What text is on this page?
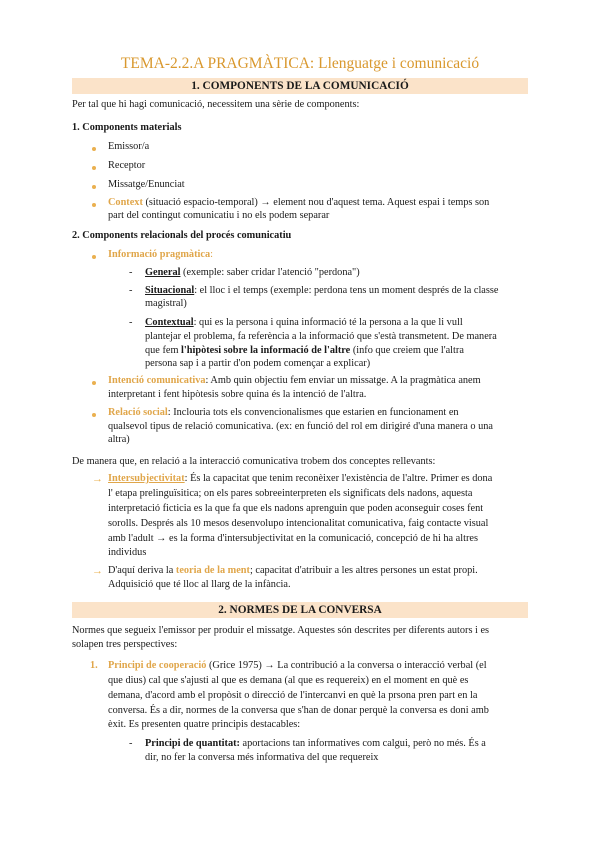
TEMA-2.2.A PRAGMÀTICA: Llenguatge i comunicació
1. COMPONENTS DE LA COMUNICACIÓ
Per tal que hi hagi comunicació, necessitem una sèrie de components:
1. Components materials
Emissor/a
Receptor
Missatge/Enunciat
Context (situació espacio-temporal) → element nou d'aquest tema. Aquest espai i temps son
part del contingut comunicatiu i no els podem separar
2. Components relacionals del procés comunicatiu
Informació pragmàtica:
- General (exemple: saber cridar l'atenció "perdona")
- Situacional: el lloc i el temps (exemple: perdona tens un moment després de la classe
magistral)
- Contextual: qui es la persona i quina informació té la persona a la que li vull
plantejar el problema, fa referència a la informació que s'està transmetent. De manera
que fem l'hipòtesi sobre la informació de l'altre (info que creiem que l'altra
persona sap i a partir d'on podem començar a explicar)
Intenció comunicativa: Amb quin objectiu fem enviar un missatge. A la pragmàtica anem
interpretant i fent hipòtesis sobre quina és la intenció de l'altra.
Relació social: Inclouria tots els convencionalismes que estarien en funcionament en
qualsevol tipus de relació comunicativa. (ex: en funció del rol em dirigiré d'una manera o una
altra)
De manera que, en relació a la interacció comunicativa trobem dos conceptes rellevants:
→ Intersubjectivitat: És la capacitat que tenim reconèixer l'existència de l'altre. Primer es dona
l' etapa prelinguïsitica; on els pares sobreeinterpreten els significats dels nadons, aquesta
interpretació ficticia es la que fa que els nadons aprenguin que poden aconseguir coses fent
sorolls. Després als 10 mesos desenvolupo intencionalitat comunicativa, faig contacte visual
amb l'adult → es la forma d'intersubjectivitat en la comunicació, concepció de hi ha altres
individus
→ D'aquí deriva la teoria de la ment; capacitat d'atribuir a les altres persones un estat propi.
Adquisició que té lloc al llarg de la infància.
2. NORMES DE LA CONVERSA
Normes que segueix l'emissor per produir el missatge. Aquestes són descrites per diferents autors i es
solapen tres perspectives:
1. Principi de cooperació (Grice 1975) → La contribució a la conversa o interacció verbal (el
que dius) cal que s'ajusti al que es demana (al que es requereix) en el moment en què es
demana, d'acord amb el propòsit o direcció de l'intercanvi en què la prsona pren part en la
conversa. És a dir, normes de la conversa que s'han de donar perquè la conversa es doni amb
èxit. Es presenten quatre principis destacables:
- Principi de quantitat: aportacions tan informatives com calgui, però no més. És a
dir, no fer la conversa més informativa del que requereix
